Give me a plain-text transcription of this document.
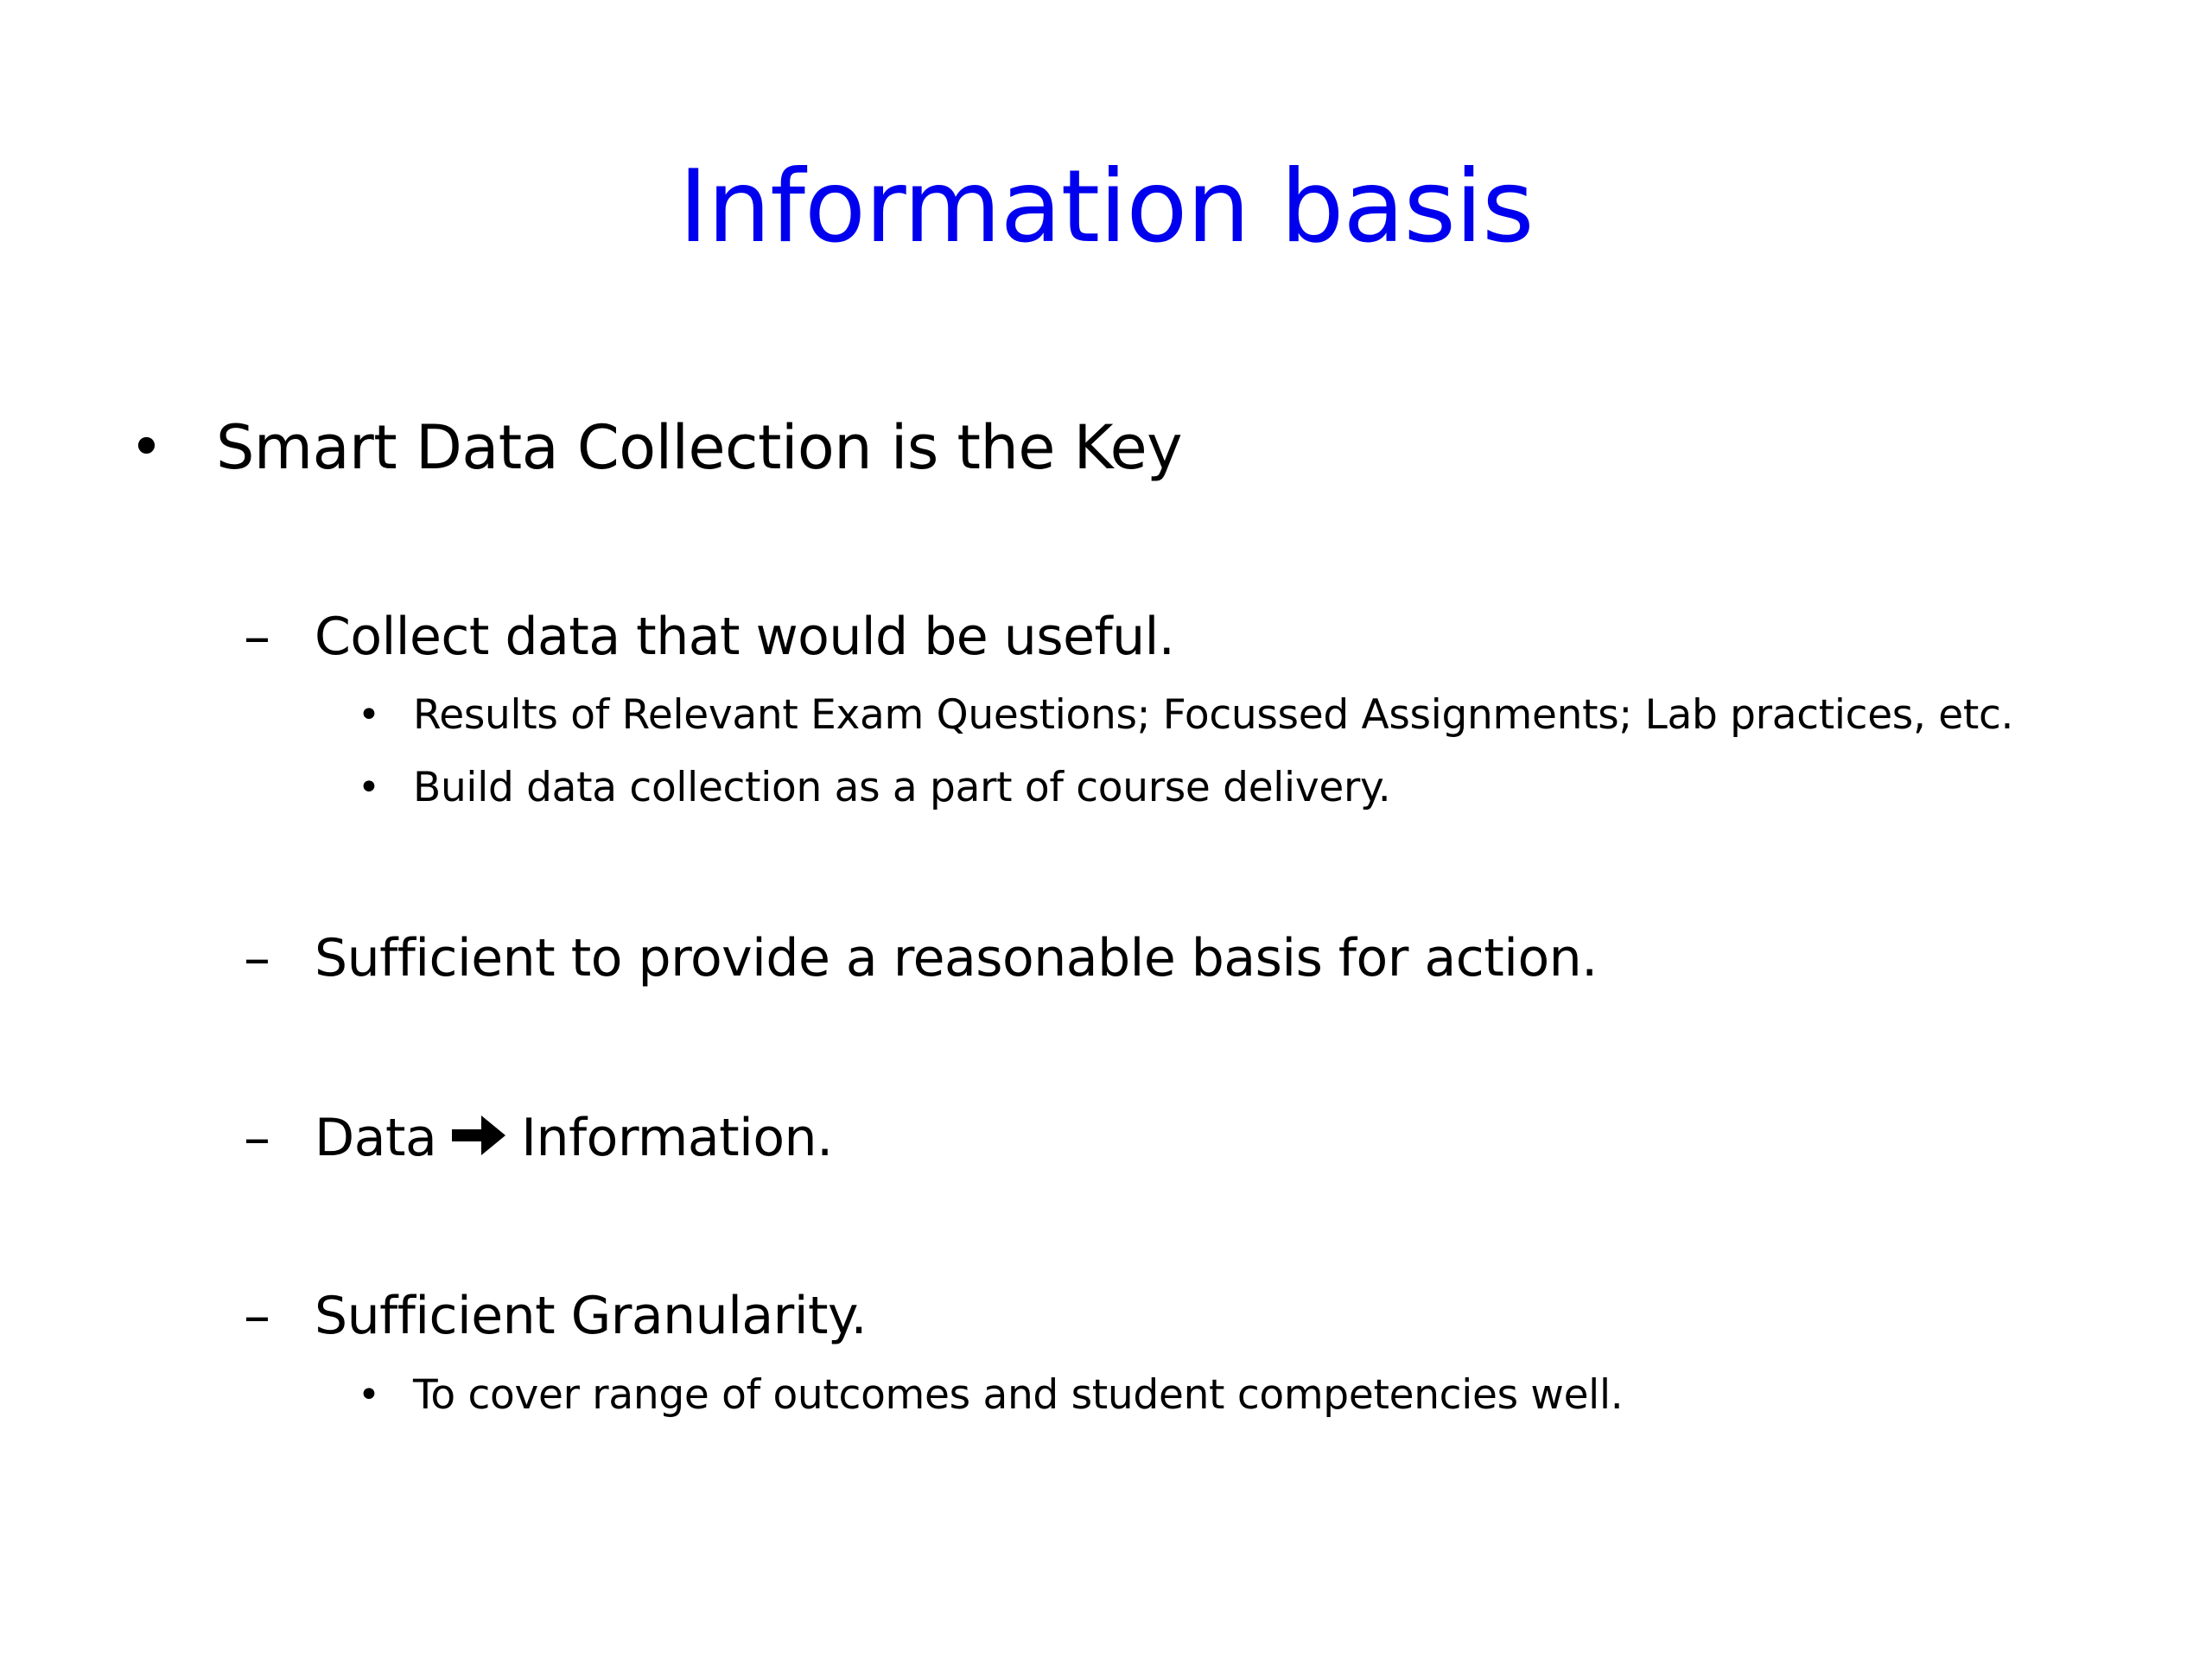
Information basis
• Smart Data Collection is the Key
– Collect data that would be useful.
• Results of Relevant Exam Questions; Focussed Assignments; Lab practices, etc.
• Build data collection as a part of course delivery.
– Sufficient to provide a reasonable basis for action.
– Data Information.
– Sufficient Granularity.
• To cover range of outcomes and student competencies well.
